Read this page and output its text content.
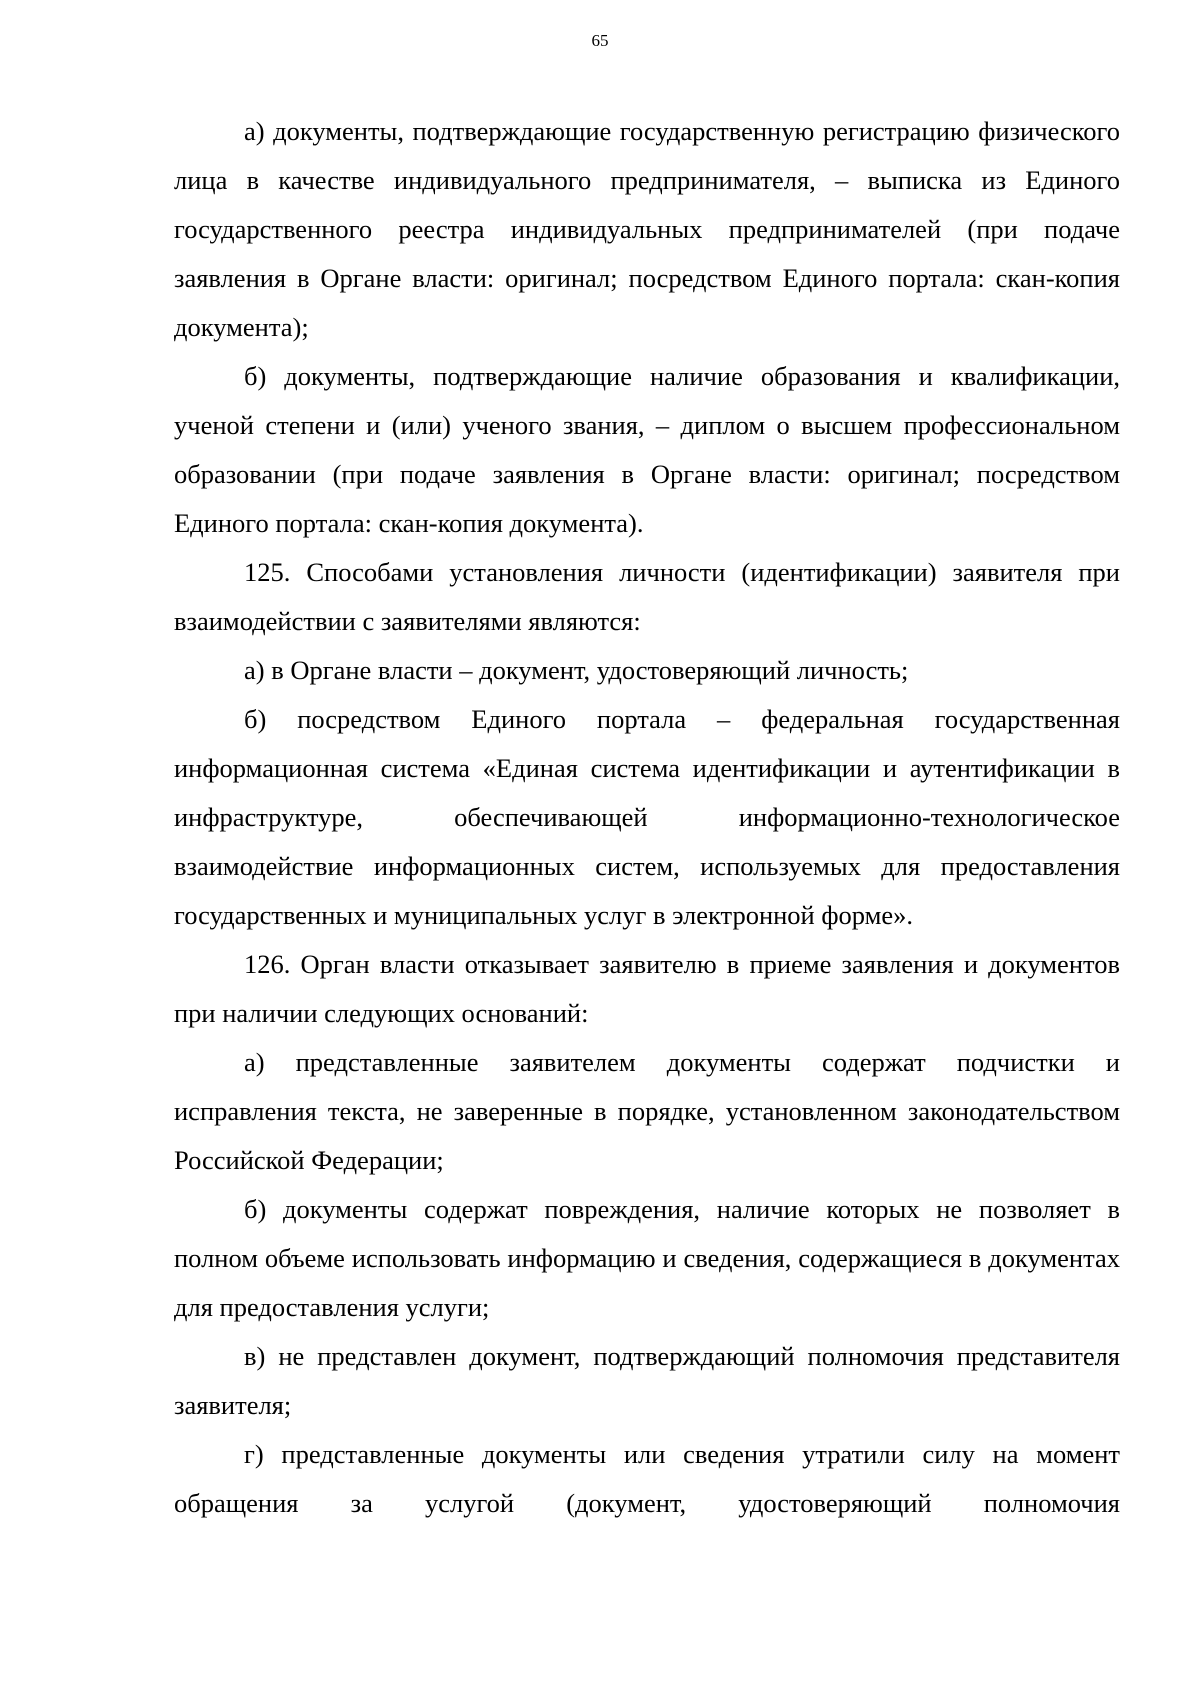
65

а) документы, подтверждающие государственную регистрацию физического лица в качестве индивидуального предпринимателя, – выписка из Единого государственного реестра индивидуальных предпринимателей (при подаче заявления в Органе власти: оригинал; посредством Единого портала: скан-копия документа);

б) документы, подтверждающие наличие образования и квалификации, ученой степени и (или) ученого звания, – диплом о высшем профессиональном образовании (при подаче заявления в Органе власти: оригинал; посредством Единого портала: скан-копия документа).

125. Способами установления личности (идентификации) заявителя при взаимодействии с заявителями являются:

а) в Органе власти – документ, удостоверяющий личность;

б) посредством Единого портала – федеральная государственная информационная система «Единая система идентификации и аутентификации в инфраструктуре, обеспечивающей информационно-технологическое взаимодействие информационных систем, используемых для предоставления государственных и муниципальных услуг в электронной форме».

126. Орган власти отказывает заявителю в приеме заявления и документов при наличии следующих оснований:

а) представленные заявителем документы содержат подчистки и исправления текста, не заверенные в порядке, установленном законодательством Российской Федерации;

б) документы содержат повреждения, наличие которых не позволяет в полном объеме использовать информацию и сведения, содержащиеся в документах для предоставления услуги;

в) не представлен документ, подтверждающий полномочия представителя заявителя;

г) представленные документы или сведения утратили силу на момент обращения за услугой (документ, удостоверяющий полномочия
